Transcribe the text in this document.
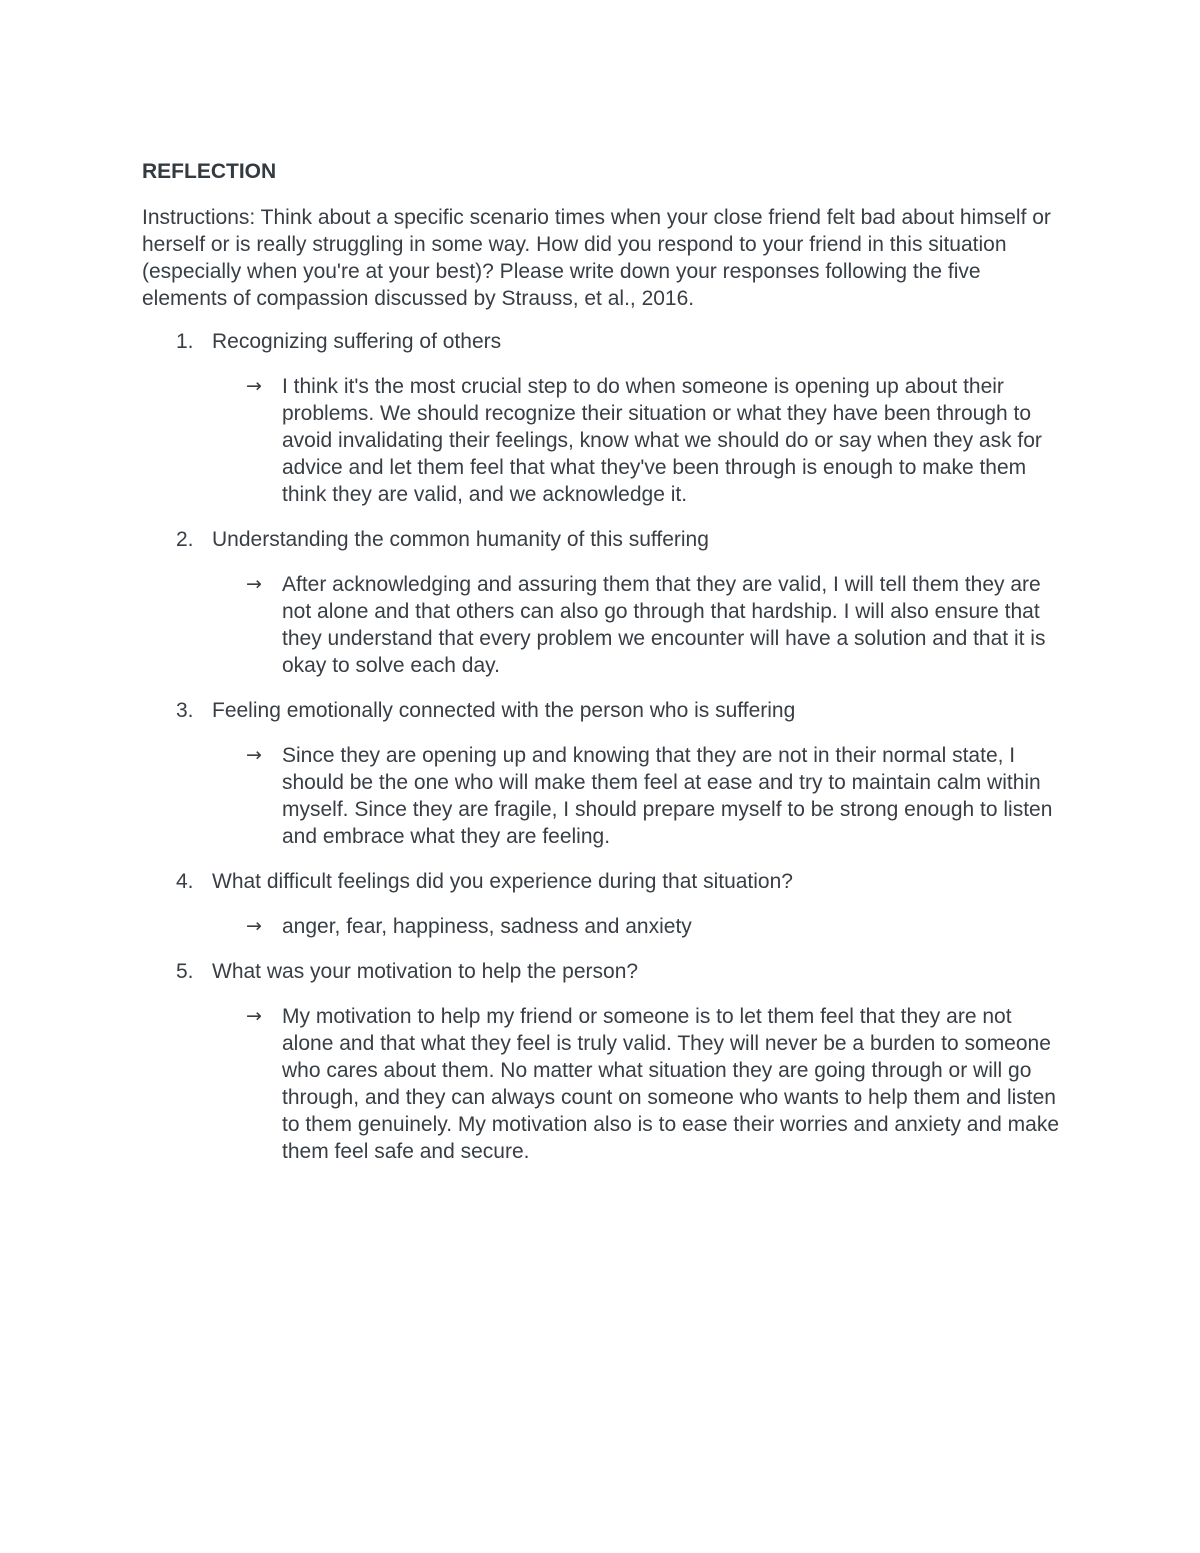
REFLECTION
Instructions: Think about a specific scenario times when your close friend felt bad about himself or herself or is really struggling in some way. How did you respond to your friend in this situation (especially when you're at your best)? Please write down your responses following the five elements of compassion discussed by Strauss, et al., 2016.
1. Recognizing suffering of others
→ I think it's the most crucial step to do when someone is opening up about their problems. We should recognize their situation or what they have been through to avoid invalidating their feelings, know what we should do or say when they ask for advice and let them feel that what they've been through is enough to make them think they are valid, and we acknowledge it.
2. Understanding the common humanity of this suffering
→ After acknowledging and assuring them that they are valid, I will tell them they are not alone and that others can also go through that hardship. I will also ensure that they understand that every problem we encounter will have a solution and that it is okay to solve each day.
3. Feeling emotionally connected with the person who is suffering
→ Since they are opening up and knowing that they are not in their normal state, I should be the one who will make them feel at ease and try to maintain calm within myself. Since they are fragile, I should prepare myself to be strong enough to listen and embrace what they are feeling.
4. What difficult feelings did you experience during that situation?
→ anger, fear, happiness, sadness and anxiety
5. What was your motivation to help the person?
→ My motivation to help my friend or someone is to let them feel that they are not alone and that what they feel is truly valid. They will never be a burden to someone who cares about them. No matter what situation they are going through or will go through, and they can always count on someone who wants to help them and listen to them genuinely. My motivation also is to ease their worries and anxiety and make them feel safe and secure.
